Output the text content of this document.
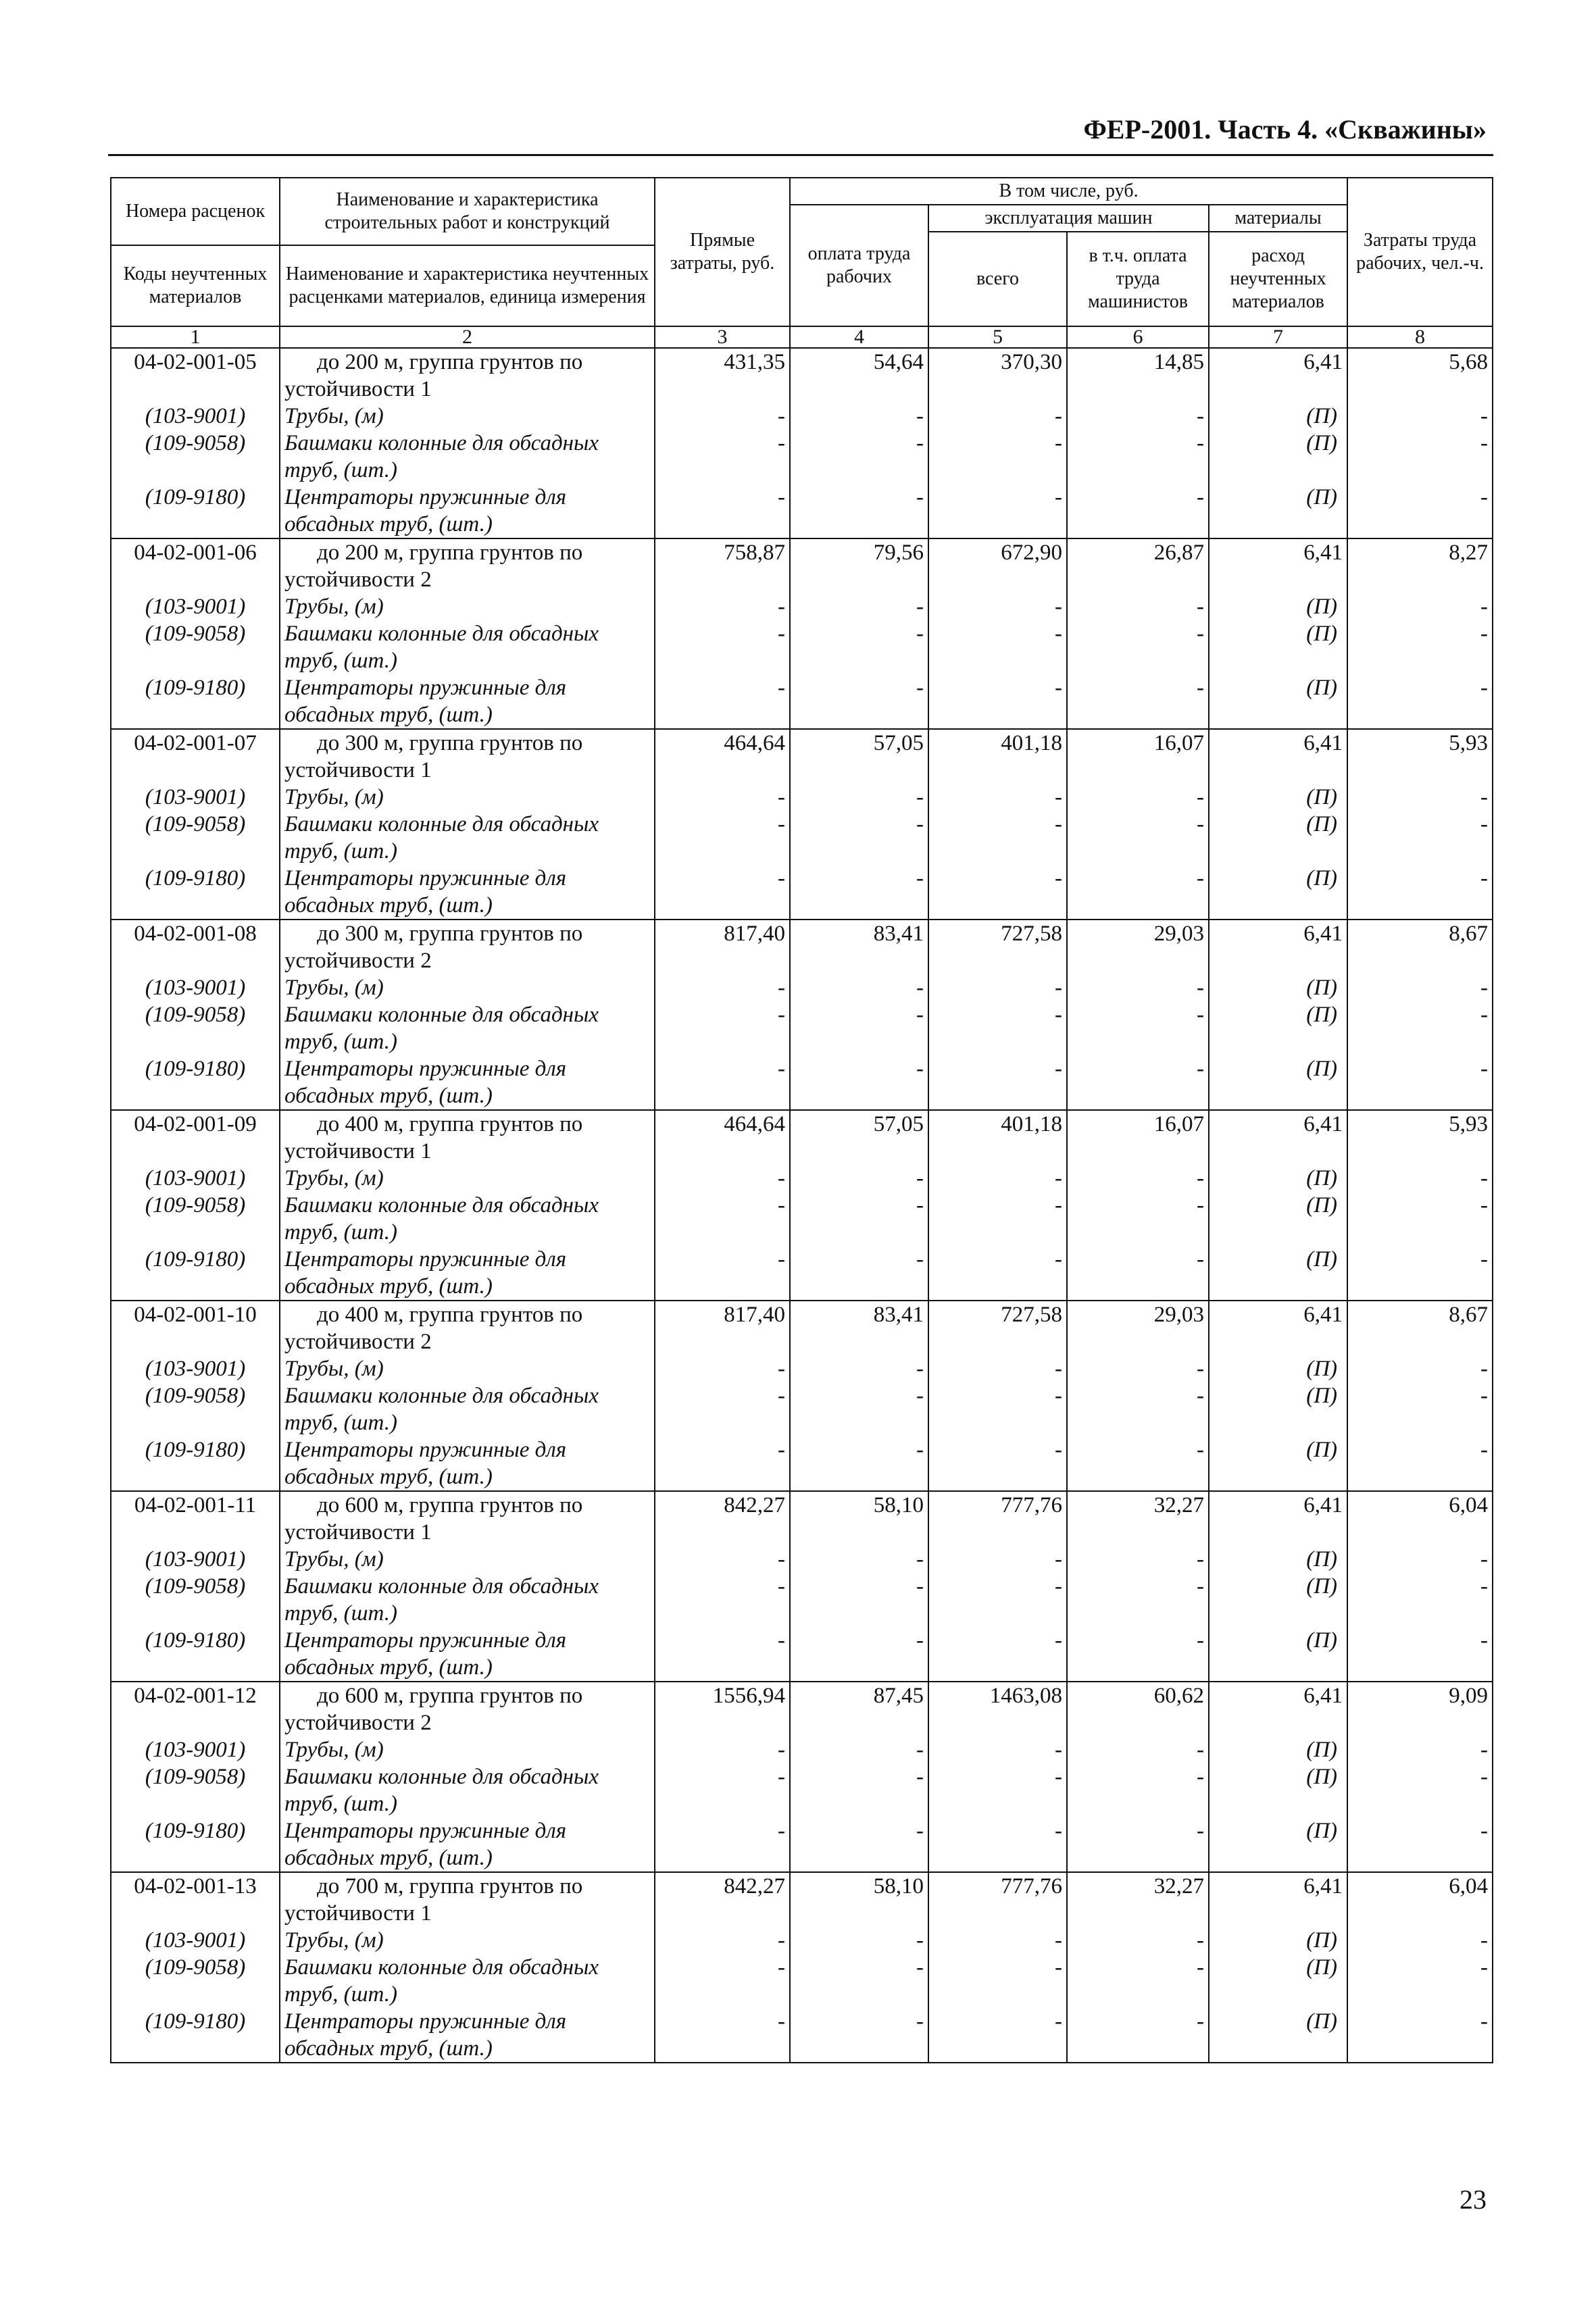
ФЕР-2001. Часть 4. «Скважины»
Номера расценок	Наименование и характеристика строительных работ и конструкций	Прямые затраты, руб.	В том числе, руб.				Затраты труда рабочих, чел.-ч.
			оплата труда рабочих	эксплуатация машин		материалы	
				всего	в т.ч. оплата труда машинистов	расход неучтенных материалов	
Коды неучтенных материалов	Наименование и характеристика неучтенных расценками материалов, единица измерения						

1	2	3	4	5	6	7	8
04-02-001-05	до 200 м, группа грунтов по	431,35	54,64	370,30	14,85	6,41	5,68
	устойчивости 1						
(103-9001)	Трубы, (м)	-	-	-	-	(П)	-
(109-9058)	Башмаки колонные для обсадных	-	-	-	-	(П)	-
	труб, (шт.)						
(109-9180)	Центраторы пружинные для	-	-	-	-	(П)	-
	обсадных труб, (шт.)						
04-02-001-06	до 200 м, группа грунтов по	758,87	79,56	672,90	26,87	6,41	8,27
	устойчивости 2						
(103-9001)	Трубы, (м)	-	-	-	-	(П)	-
(109-9058)	Башмаки колонные для обсадных	-	-	-	-	(П)	-
	труб, (шт.)						
(109-9180)	Центраторы пружинные для	-	-	-	-	(П)	-
	обсадных труб, (шт.)						
04-02-001-07	до 300 м, группа грунтов по	464,64	57,05	401,18	16,07	6,41	5,93
	устойчивости 1						
(103-9001)	Трубы, (м)	-	-	-	-	(П)	-
(109-9058)	Башмаки колонные для обсадных	-	-	-	-	(П)	-
	труб, (шт.)						
(109-9180)	Центраторы пружинные для	-	-	-	-	(П)	-
	обсадных труб, (шт.)						
04-02-001-08	до 300 м, группа грунтов по	817,40	83,41	727,58	29,03	6,41	8,67
	устойчивости 2						
(103-9001)	Трубы, (м)	-	-	-	-	(П)	-
(109-9058)	Башмаки колонные для обсадных	-	-	-	-	(П)	-
	труб, (шт.)						
(109-9180)	Центраторы пружинные для	-	-	-	-	(П)	-
	обсадных труб, (шт.)						
04-02-001-09	до 400 м, группа грунтов по	464,64	57,05	401,18	16,07	6,41	5,93
	устойчивости 1						
(103-9001)	Трубы, (м)	-	-	-	-	(П)	-
(109-9058)	Башмаки колонные для обсадных	-	-	-	-	(П)	-
	труб, (шт.)						
(109-9180)	Центраторы пружинные для	-	-	-	-	(П)	-
	обсадных труб, (шт.)						
04-02-001-10	до 400 м, группа грунтов по	817,40	83,41	727,58	29,03	6,41	8,67
	устойчивости 2						
(103-9001)	Трубы, (м)	-	-	-	-	(П)	-
(109-9058)	Башмаки колонные для обсадных	-	-	-	-	(П)	-
	труб, (шт.)						
(109-9180)	Центраторы пружинные для	-	-	-	-	(П)	-
	обсадных труб, (шт.)						
04-02-001-11	до 600 м, группа грунтов по	842,27	58,10	777,76	32,27	6,41	6,04
	устойчивости 1						
(103-9001)	Трубы, (м)	-	-	-	-	(П)	-
(109-9058)	Башмаки колонные для обсадных	-	-	-	-	(П)	-
	труб, (шт.)						
(109-9180)	Центраторы пружинные для	-	-	-	-	(П)	-
	обсадных труб, (шт.)						
04-02-001-12	до 600 м, группа грунтов по	1556,94	87,45	1463,08	60,62	6,41	9,09
	устойчивости 2						
(103-9001)	Трубы, (м)	-	-	-	-	(П)	-
(109-9058)	Башмаки колонные для обсадных	-	-	-	-	(П)	-
	труб, (шт.)						
(109-9180)	Центраторы пружинные для	-	-	-	-	(П)	-
	обсадных труб, (шт.)						
04-02-001-13	до 700 м, группа грунтов по	842,27	58,10	777,76	32,27	6,41	6,04
	устойчивости 1						
(103-9001)	Трубы, (м)	-	-	-	-	(П)	-
(109-9058)	Башмаки колонные для обсадных	-	-	-	-	(П)	-
	труб, (шт.)						
(109-9180)	Центраторы пружинные для	-	-	-	-	(П)	-
	обсадных труб, (шт.)						
23
